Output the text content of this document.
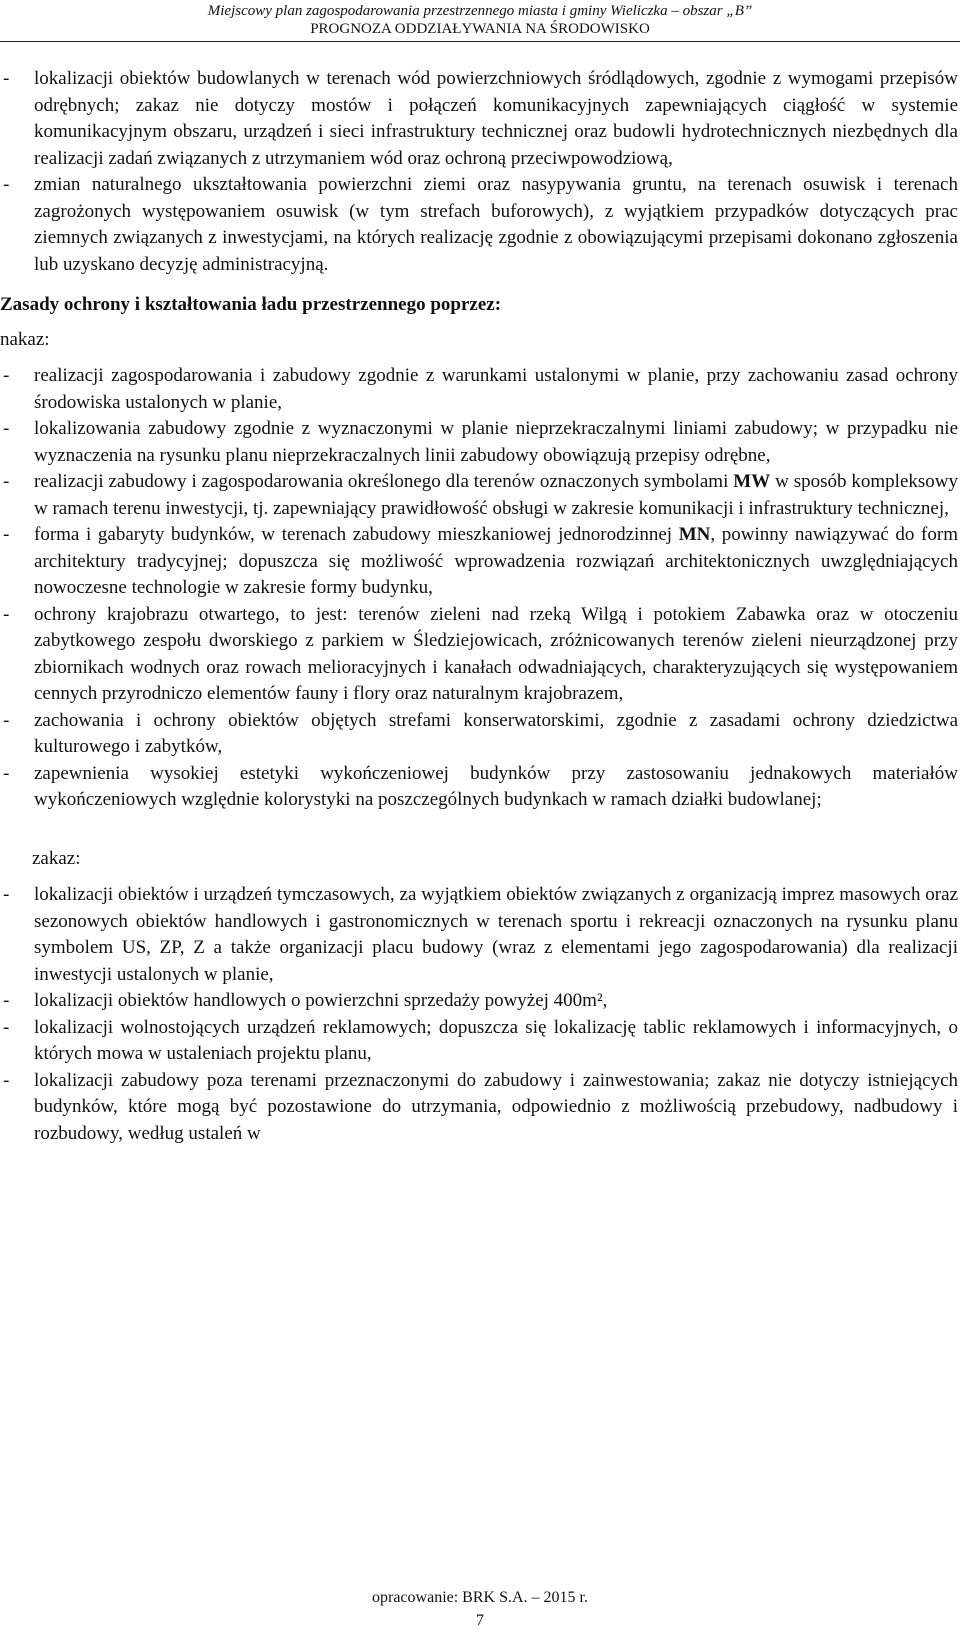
Miejscowy plan zagospodarowania przestrzennego miasta i gminy Wieliczka – obszar „B”
PROGNOZA ODDZIAŁYWANIA NA ŚRODOWISKO
-	lokalizacji obiektów budowlanych w terenach wód powierzchniowych śródlądowych, zgodnie z wymogami przepisów odrębnych; zakaz nie dotyczy mostów i połączeń komunikacyjnych zapewniających ciągłość w systemie komunikacyjnym obszaru, urządzeń i sieci infrastruktury technicznej oraz budowli hydrotechnicznych niezbędnych dla realizacji zadań związanych z utrzymaniem wód oraz ochroną przeciwpowodziową,
-	zmian naturalnego ukształtowania powierzchni ziemi oraz nasypywania gruntu, na terenach osuwisk i terenach zagrożonych występowaniem osuwisk (w tym strefach buforowych), z wyjątkiem przypadków dotyczących prac ziemnych związanych z inwestycjami, na których realizację zgodnie z obowiązującymi przepisami dokonano zgłoszenia lub uzyskano decyzję administracyjną.
Zasady ochrony i kształtowania ładu przestrzennego poprzez:
nakaz:
-	realizacji zagospodarowania i zabudowy zgodnie z warunkami ustalonymi w planie, przy zachowaniu zasad ochrony środowiska ustalonych w planie,
-	lokalizowania zabudowy zgodnie z wyznaczonymi w planie nieprzekraczalnymi liniami zabudowy; w przypadku nie wyznaczenia na rysunku planu nieprzekraczalnych linii zabudowy obowiązują przepisy odrębne,
-	realizacji zabudowy i zagospodarowania określonego dla terenów oznaczonych symbolami MW w sposób kompleksowy w ramach terenu inwestycji, tj. zapewniający prawidłowość obsługi w zakresie komunikacji i infrastruktury technicznej,
-	forma i gabaryty budynków, w terenach zabudowy mieszkaniowej jednorodzinnej MN, powinny nawiązywać do form architektury tradycyjnej; dopuszcza się możliwość wprowadzenia rozwiązań architektonicznych uwzględniających nowoczesne technologie w zakresie formy budynku,
-	ochrony krajobrazu otwartego, to jest: terenów zieleni nad rzeką Wilgą i potokiem Zabawka oraz w otoczeniu zabytkowego zespołu dworskiego z parkiem w Śledziejowicach, zróżnicowanych terenów zieleni nieurządzonej przy zbiornikach wodnych oraz rowach melioracyjnych i kanałach odwadniających, charakteryzujących się występowaniem cennych przyrodniczo elementów fauny i flory oraz naturalnym krajobrazem,
-	zachowania i ochrony obiektów objętych strefami konserwatorskimi, zgodnie z zasadami ochrony dziedzictwa kulturowego i zabytków,
-	zapewnienia wysokiej estetyki wykończeniowej budynków przy zastosowaniu jednakowych materiałów wykończeniowych względnie kolorystyki na poszczególnych budynkach w ramach działki budowlanej;
zakaz:
-	lokalizacji obiektów i urządzeń tymczasowych, za wyjątkiem obiektów związanych z organizacją imprez masowych oraz sezonowych obiektów handlowych i gastronomicznych w terenach sportu i rekreacji oznaczonych na rysunku planu symbolem US, ZP, Z a także organizacji placu budowy (wraz z elementami jego zagospodarowania) dla realizacji inwestycji ustalonych w planie,
-	lokalizacji obiektów handlowych o powierzchni sprzedaży powyżej 400m²,
-	lokalizacji wolnostojących urządzeń reklamowych; dopuszcza się lokalizację tablic reklamowych i informacyjnych, o których mowa w ustaleniach projektu planu,
-	lokalizacji zabudowy poza terenami przeznaczonymi do zabudowy i zainwestowania; zakaz nie dotyczy istniejących budynków, które mogą być pozostawione do utrzymania, odpowiednio z możliwością przebudowy, nadbudowy i rozbudowy, według ustaleń w
opracowanie: BRK S.A. – 2015 r.
7
